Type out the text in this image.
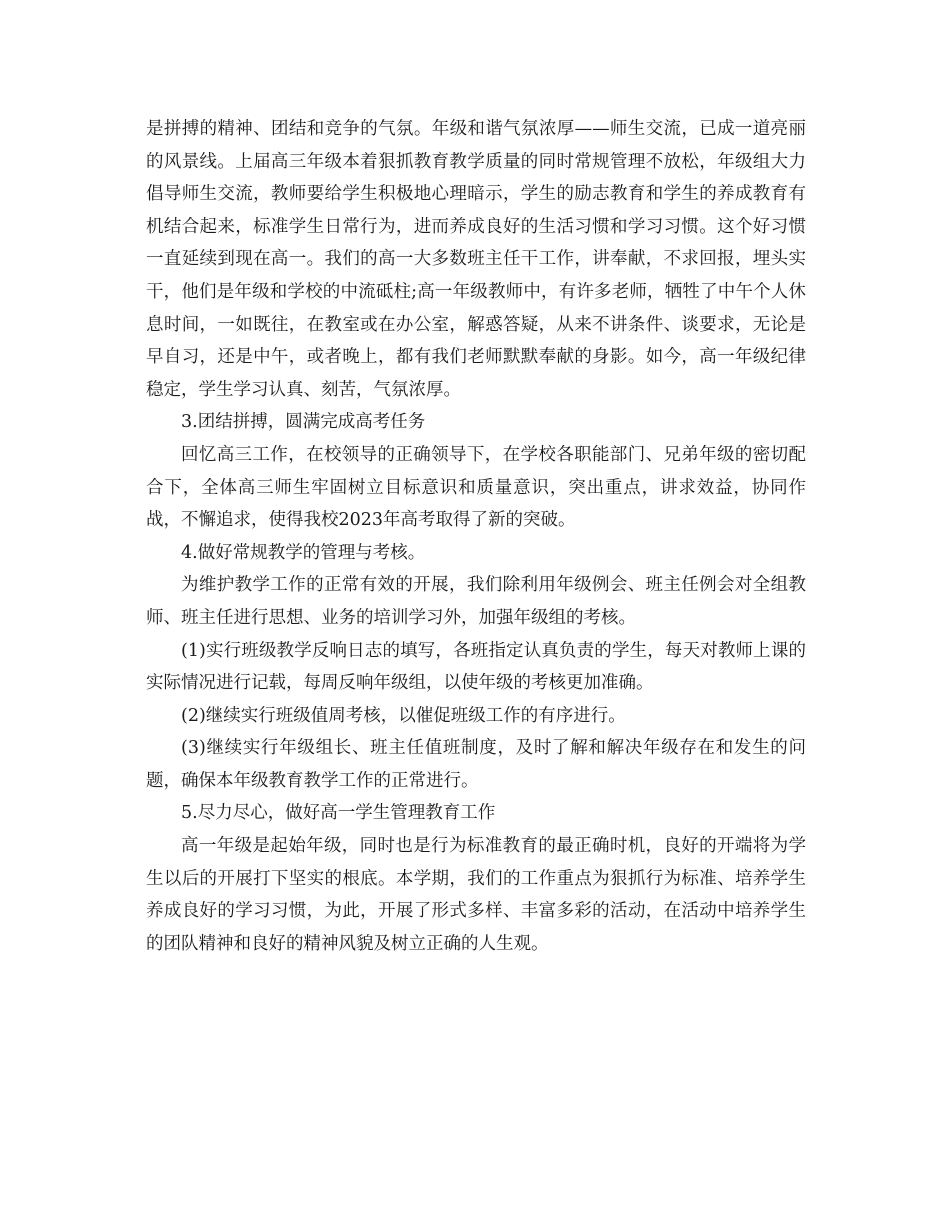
是拼搏的精神、团结和竞争的气氛。年级和谐气氛浓厚——师生交流，已成一道亮丽的风景线。上届高三年级本着狠抓教育教学质量的同时常规管理不放松，年级组大力倡导师生交流，教师要给学生积极地心理暗示，学生的励志教育和学生的养成教育有机结合起来，标准学生日常行为，进而养成良好的生活习惯和学习习惯。这个好习惯一直延续到现在高一。我们的高一大多数班主任干工作，讲奉献，不求回报，埋头实干，他们是年级和学校的中流砥柱;高一年级教师中，有许多老师，牺牲了中午个人休息时间，一如既往，在教室或在办公室，解惑答疑，从来不讲条件、谈要求，无论是早自习，还是中午，或者晚上，都有我们老师默默奉献的身影。如今，高一年级纪律稳定，学生学习认真、刻苦，气氛浓厚。

3.团结拼搏，圆满完成高考任务

回忆高三工作，在校领导的正确领导下，在学校各职能部门、兄弟年级的密切配合下，全体高三师生牢固树立目标意识和质量意识，突出重点，讲求效益，协同作战，不懈追求，使得我校2023年高考取得了新的突破。

4.做好常规教学的管理与考核。

为维护教学工作的正常有效的开展，我们除利用年级例会、班主任例会对全组教师、班主任进行思想、业务的培训学习外，加强年级组的考核。

(1)实行班级教学反响日志的填写，各班指定认真负责的学生，每天对教师上课的实际情况进行记载，每周反响年级组，以使年级的考核更加准确。

(2)继续实行班级值周考核，以催促班级工作的有序进行。

(3)继续实行年级组长、班主任值班制度，及时了解和解决年级存在和发生的问题，确保本年级教育教学工作的正常进行。

5.尽力尽心，做好高一学生管理教育工作

高一年级是起始年级，同时也是行为标准教育的最正确时机，良好的开端将为学生以后的开展打下坚实的根底。本学期，我们的工作重点为狠抓行为标准、培养学生养成良好的学习习惯，为此，开展了形式多样、丰富多彩的活动，在活动中培养学生的团队精神和良好的精神风貌及树立正确的人生观。
